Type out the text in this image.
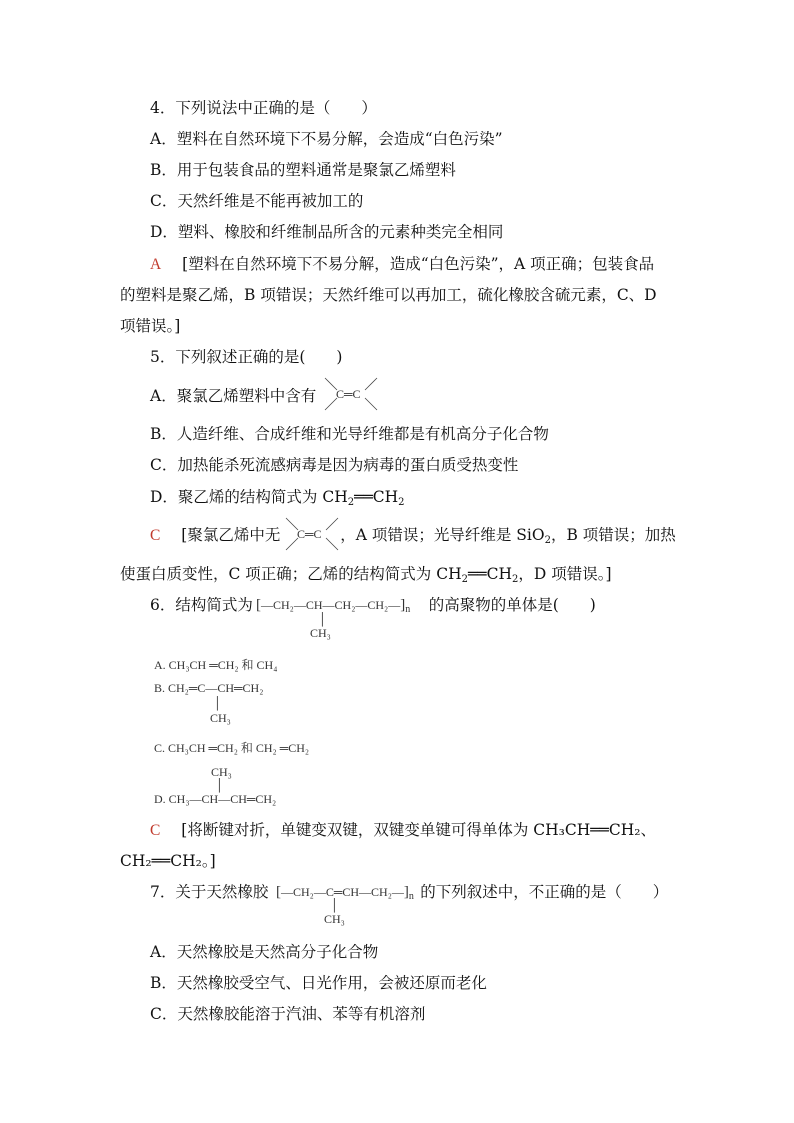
4．下列说法中正确的是（　　）
A．塑料在自然环境下不易分解，会造成“白色污染”
B．用于包装食品的塑料通常是聚氯乙烯塑料
C．天然纤维是不能再被加工的
D．塑料、橡胶和纤维制品所含的元素种类完全相同
A [塑料在自然环境下不易分解，造成“白色污染”，A 项正确；包装食品
的塑料是聚乙烯，B 项错误；天然纤维可以再加工，硫化橡胶含硫元素，C、D
项错误。]
5．下列叙述正确的是(　　)
A．聚氯乙烯塑料中含有 C═C
B．人造纤维、合成纤维和光导纤维都是有机高分子化合物
C．加热能杀死流感病毒是因为病毒的蛋白质受热变性
D．聚乙烯的结构简式为 $CH_2══CH_2$
C [聚氯乙烯中无	，A 项错误；光导纤维是 SiO$_2$，B 项错误；加热
C═C
使蛋白质变性，C 项正确；乙烯的结构简式为 $CH_2══CH_2$，D 项错误。]
6．结构简式为	的高聚物的单体是(　　)
$[—CH_2—CH—CH_2—CH_2—]_n$
│
CH₃
A. CH₃CH ═CH₂ 和 CH₄
B. CH₂═C—CH═CH₂
│
CH₃
C. CH₃CH ═CH₂ 和 CH₂ ═CH₂
CH₃
│
D. CH₃—CH—CH═CH₂
C [将断键对折，单键变双键，双键变单键可得单体为 CH₃CH══CH₂、
CH₂══CH₂。]
7．关于天然橡胶	的下列叙述中，不正确的是（　　）
$[—CH_2—C═CH—CH_2—]_n$
│
CH₃
A．天然橡胶是天然高分子化合物
B．天然橡胶受空气、日光作用，会被还原而老化
C．天然橡胶能溶于汽油、苯等有机溶剂
